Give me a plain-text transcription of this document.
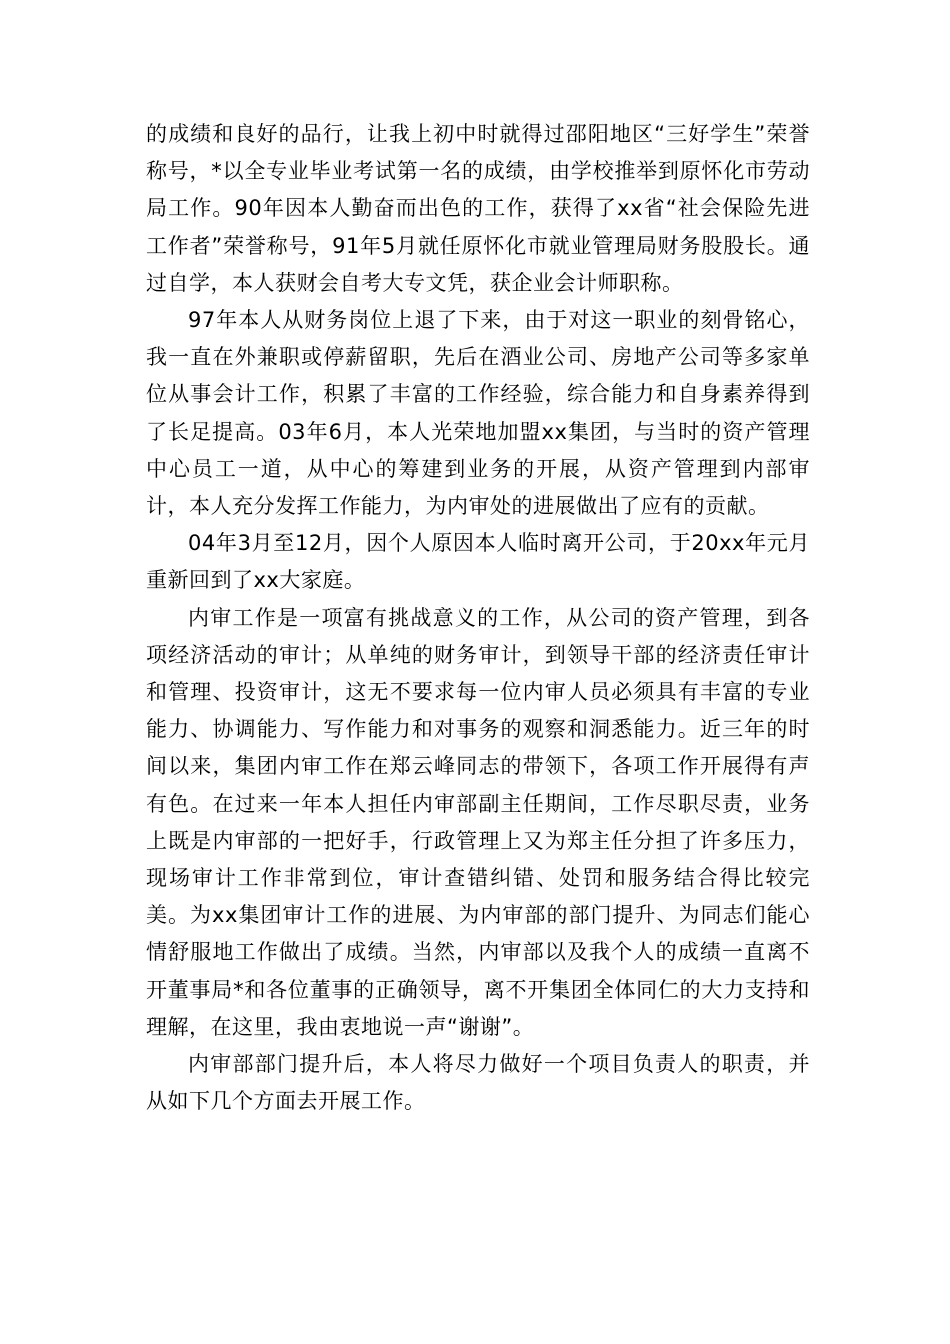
的成绩和良好的品行，让我上初中时就得过邵阳地区“三好学生”荣誉称号，*以全专业毕业考试第一名的成绩，由学校推举到原怀化市劳动局工作。90年因本人勤奋而出色的工作，获得了xx省“社会保险先进工作者”荣誉称号，91年5月就任原怀化市就业管理局财务股股长。通过自学，本人获财会自考大专文凭，获企业会计师职称。

97年本人从财务岗位上退了下来，由于对这一职业的刻骨铭心，我一直在外兼职或停薪留职，先后在酒业公司、房地产公司等多家单位从事会计工作，积累了丰富的工作经验，综合能力和自身素养得到了长足提高。03年6月，本人光荣地加盟xx集团，与当时的资产管理中心员工一道，从中心的筹建到业务的开展，从资产管理到内部审计，本人充分发挥工作能力，为内审处的进展做出了应有的贡献。

04年3月至12月，因个人原因本人临时离开公司，于20xx年元月重新回到了xx大家庭。

内审工作是一项富有挑战意义的工作，从公司的资产管理，到各项经济活动的审计；从单纯的财务审计，到领导干部的经济责任审计和管理、投资审计，这无不要求每一位内审人员必须具有丰富的专业能力、协调能力、写作能力和对事务的观察和洞悉能力。近三年的时间以来，集团内审工作在郑云峰同志的带领下，各项工作开展得有声有色。在过来一年本人担任内审部副主任期间，工作尽职尽责，业务上既是内审部的一把好手，行政管理上又为郑主任分担了许多压力，现场审计工作非常到位，审计查错纠错、处罚和服务结合得比较完美。为xx集团审计工作的进展、为内审部的部门提升、为同志们能心情舒服地工作做出了成绩。当然，内审部以及我个人的成绩一直离不开董事局*和各位董事的正确领导，离不开集团全体同仁的大力支持和理解，在这里，我由衷地说一声“谢谢”。

内审部部门提升后，本人将尽力做好一个项目负责人的职责，并从如下几个方面去开展工作。
